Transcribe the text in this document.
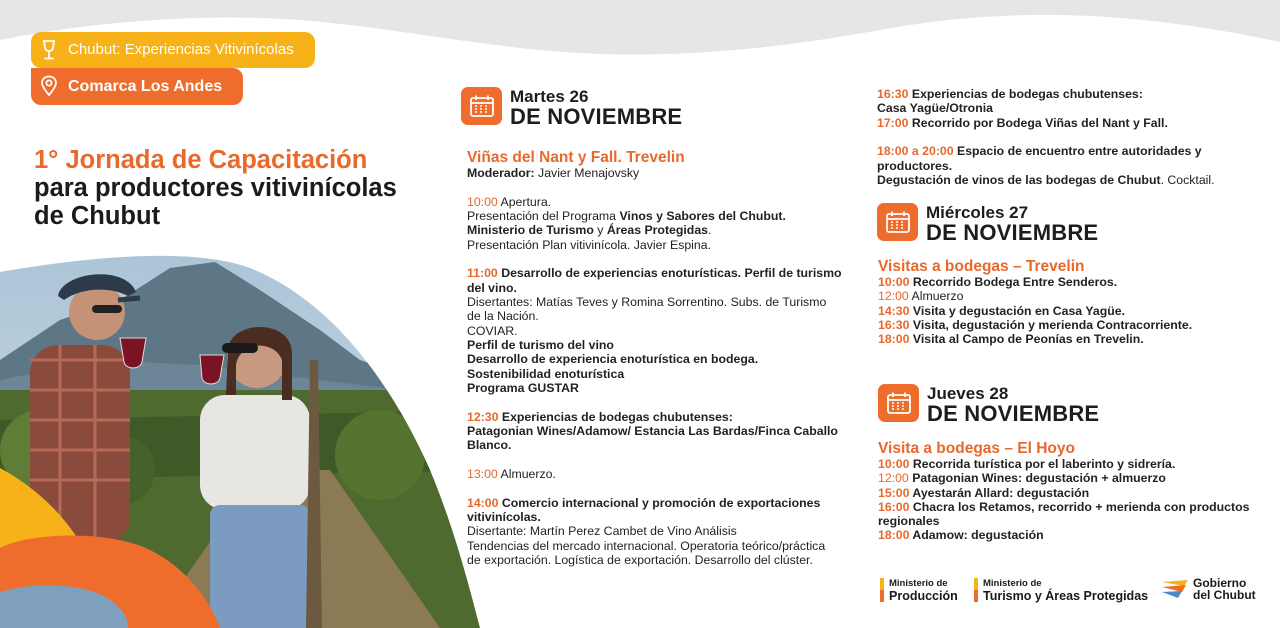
Chubut: Experiencias Vitivinícolas
Comarca Los Andes
1° Jornada de Capacitación
para productores vitivinícolas
de Chubut
Martes 26
DE NOVIEMBRE

Viñas del Nant y Fall. Trevelin

Moderador: Javier Menajovsky

10:00 Apertura.

Presentación del Programa Vinos y Sabores del Chubut.

Ministerio de Turismo y Áreas Protegidas.

Presentación Plan vitivinícola. Javier Espina.

11:00 Desarrollo de experiencias enoturísticas. Perfil de turismo

del vino.

Disertantes: Matías Teves y Romina Sorrentino. Subs. de Turismo

de la Nación.

COVIAR.

Perfil de turismo del vino

Desarrollo de experiencia enoturística en bodega.

Sostenibilidad enoturística

Programa GUSTAR

12:30 Experiencias de bodegas chubutenses:

Patagonian Wines/Adamow/ Estancia Las Bardas/Finca Caballo

Blanco.

13:00 Almuerzo.

14:00 Comercio internacional y promoción de exportaciones

vitivinícolas.

Disertante: Martín Perez Cambet de Vino Análisis

Tendencias del mercado internacional. Operatoria teórico/práctica

de exportación. Logística de exportación. Desarrollo del clúster.

16:30 Experiencias de bodegas chubutenses:

Casa Yagüe/Otronia

17:00 Recorrido por Bodega Viñas del Nant y Fall.

18:00 a 20:00 Espacio de encuentro entre autoridades y

productores.

Degustación de vinos de las bodegas de Chubut. Cocktail.

Miércoles 27
DE NOVIEMBRE

Visitas a bodegas – Trevelin

10:00 Recorrido Bodega Entre Senderos.

12:00 Almuerzo

14:30 Visita y degustación en Casa Yagüe.

16:30 Visita, degustación y merienda Contracorriente.

18:00 Visita al Campo de Peonías en Trevelin.

Jueves 28
DE NOVIEMBRE

Visita a bodegas – El Hoyo

10:00 Recorrida turística por el laberinto y sidrería.

12:00 Patagonian Wines: degustación + almuerzo

15:00 Ayestarán Allard: degustación

16:00 Chacra los Retamos, recorrido + merienda con productos

regionales

18:00 Adamow: degustación

Ministerio de
Producción
Ministerio de
Turismo y Áreas Protegidas
Gobierno
del Chubut
